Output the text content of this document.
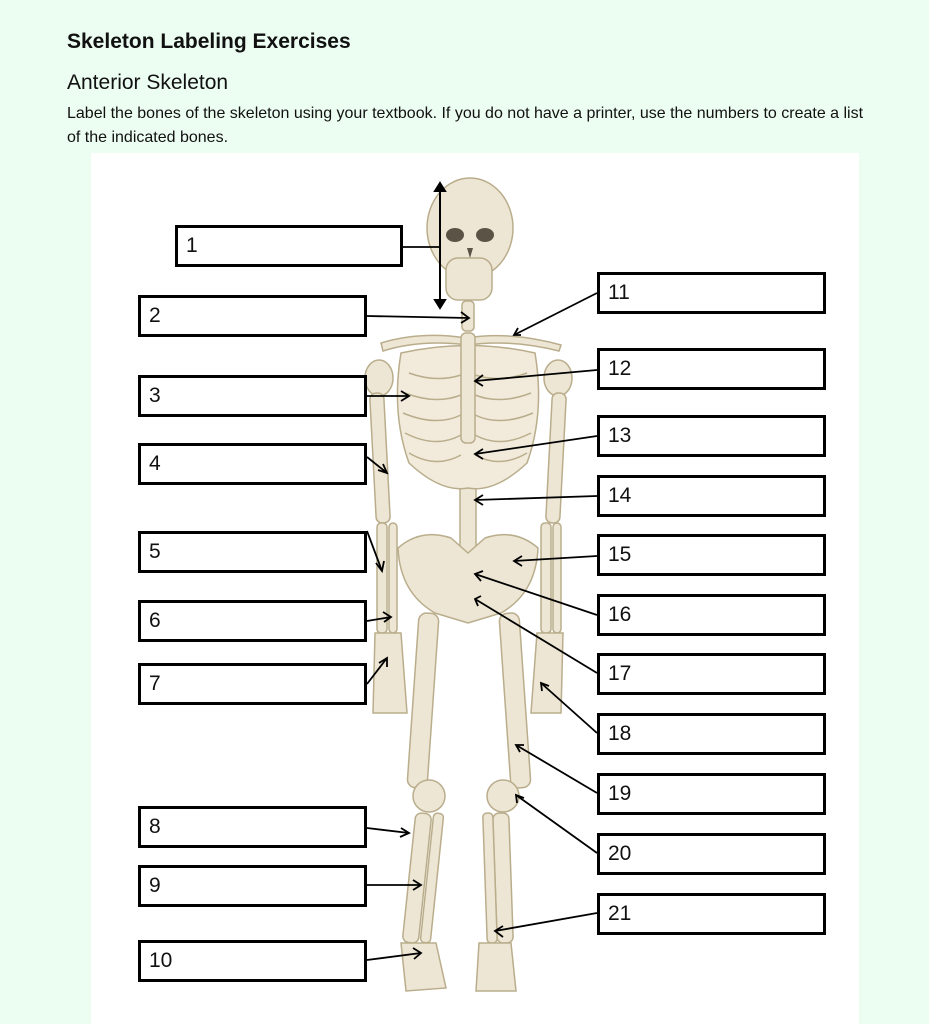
Skeleton Labeling Exercises
Anterior Skeleton

Label the bones of the skeleton using your textbook. If you do not have a printer, use the numbers to create a list of the indicated bones.

1
2
3
4
5
6
7
8
9
10
11
12
13
14
15
16
17
18
19
20
21
